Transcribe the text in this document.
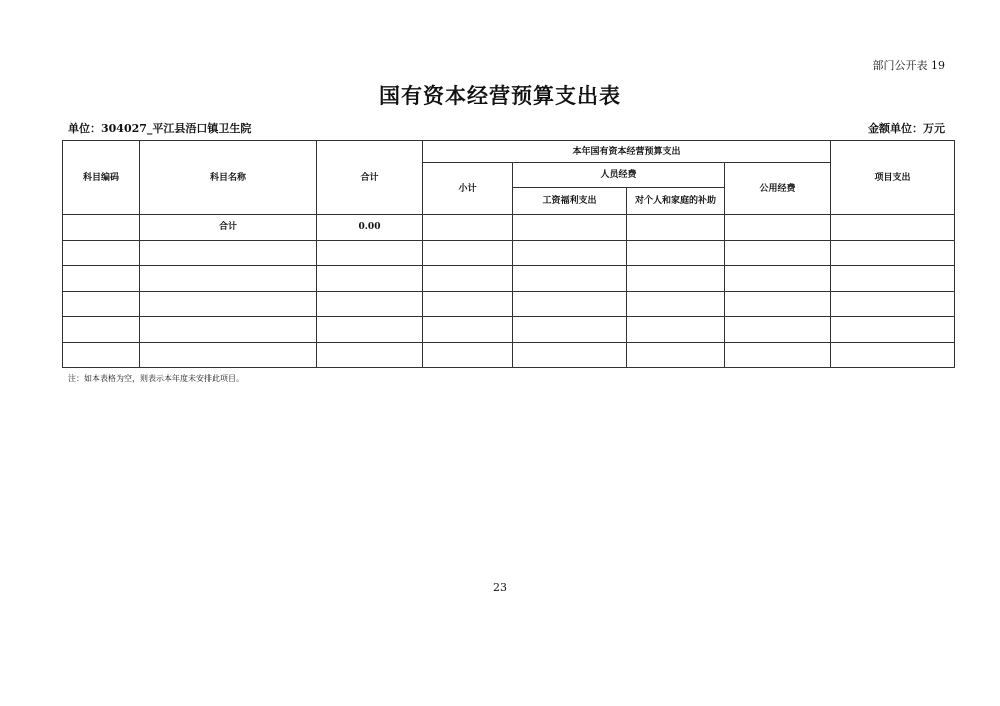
部门公开表 19
国有资本经营预算支出表
单位：304027_平江县浯口镇卫生院	金额单位：万元
科目编码	科目名称	合计	本年国有资本经营预算支出				项目支出
			小计	人员经费		公用经费	
				工资福利支出	对个人和家庭的补助		
	合计	0.00					

注：如本表格为空，则表示本年度未安排此项目。
23
